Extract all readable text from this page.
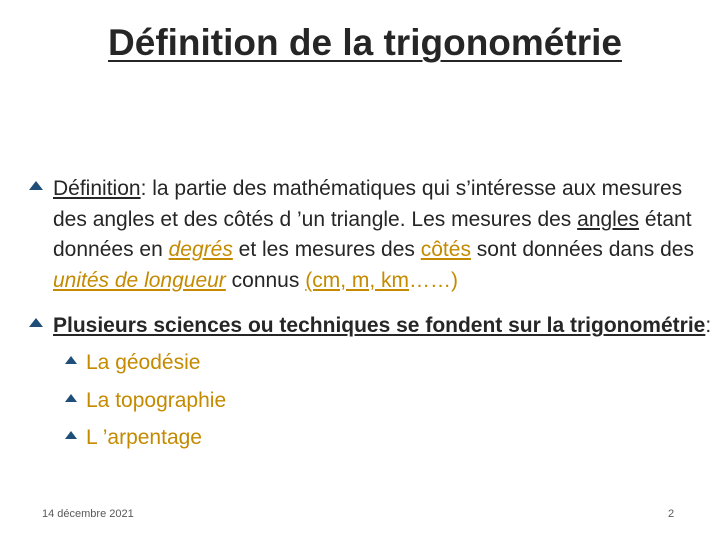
Définition de la trigonométrie
Définition: la partie des mathématiques qui s’intéresse aux mesures des angles et des côtés d ’un triangle. Les mesures des angles étant données en degrés et les mesures des côtés sont données dans des unités de longueur connus (cm, m, km……)
Plusieurs sciences ou techniques se fondent sur la trigonométrie:
La géodésie
La topographie
L ’arpentage
14 décembre 2021	2
